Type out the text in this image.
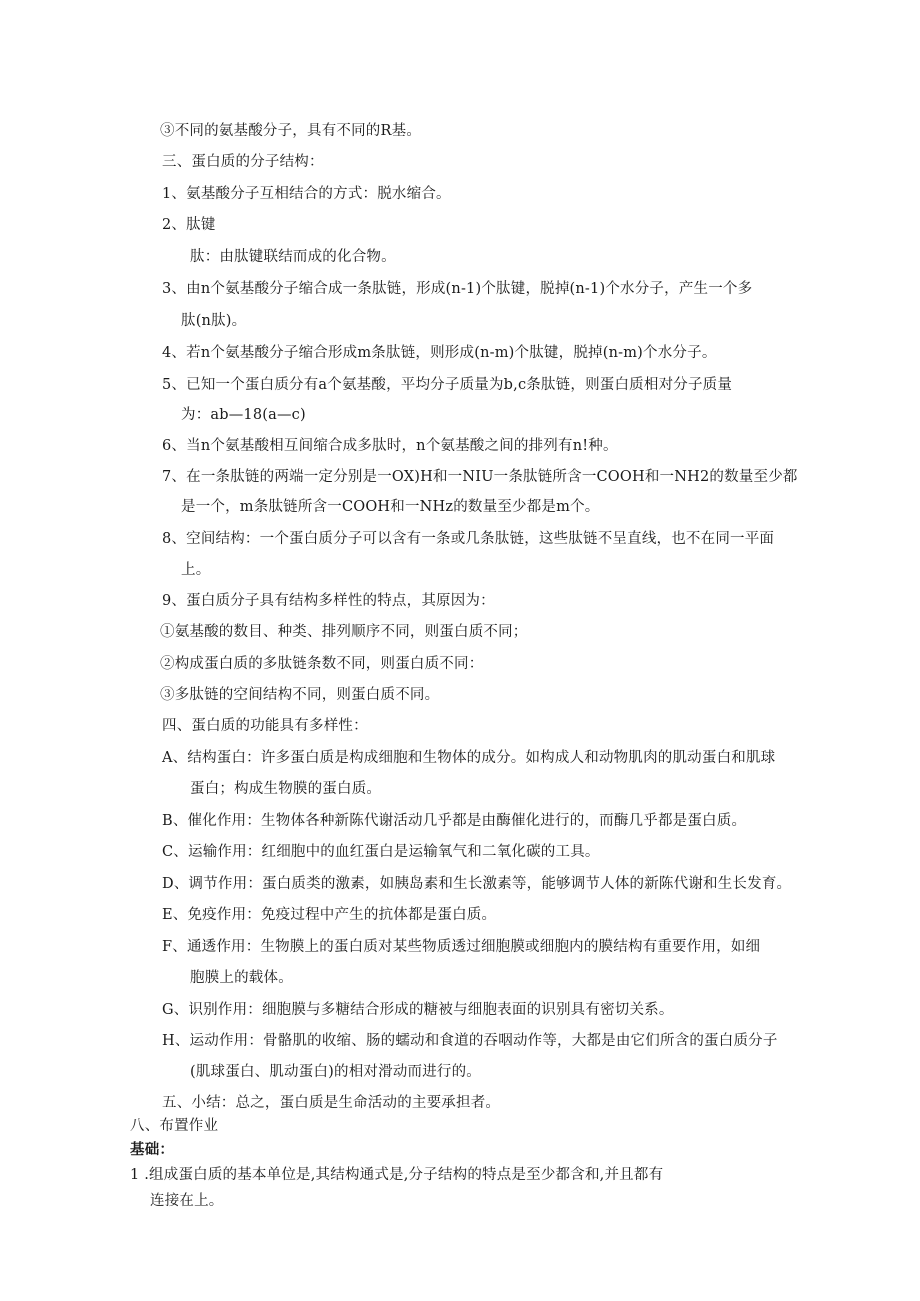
③不同的氨基酸分子，具有不同的R基。
三、蛋白质的分子结构：
1、氨基酸分子互相结合的方式：脱水缩合。
2、肽键
肽：由肽键联结而成的化合物。
3、由n个氨基酸分子缩合成一条肽链，形成(n-1)个肽键，脱掉(n-1)个水分子，产生一个多
肽(n肽)。
4、若n个氨基酸分子缩合形成m条肽链，则形成(n-m)个肽键，脱掉(n-m)个水分子。
5、已知一个蛋白质分有a个氨基酸，平均分子质量为b,c条肽链，则蛋白质相对分子质量
为：ab—18(a—c)
6、当n个氨基酸相互间缩合成多肽时，n个氨基酸之间的排列有n!种。
7、在一条肽链的两端一定分别是一OX)H和一NIU一条肽链所含一COOH和一NH2的数量至少都
是一个，m条肽链所含一COOH和一NHz的数量至少都是m个。
8、空间结构：一个蛋白质分子可以含有一条或几条肽链，这些肽链不呈直线，也不在同一平面
上。
9、蛋白质分子具有结构多样性的特点，其原因为：
①氨基酸的数目、种类、排列顺序不同，则蛋白质不同；
②构成蛋白质的多肽链条数不同，则蛋白质不同：
③多肽链的空间结构不同，则蛋白质不同。
四、蛋白质的功能具有多样性：
A、结构蛋白：许多蛋白质是构成细胞和生物体的成分。如构成人和动物肌肉的肌动蛋白和肌球
蛋白；构成生物膜的蛋白质。
B、催化作用：生物体各种新陈代谢活动几乎都是由酶催化进行的，而酶几乎都是蛋白质。
C、运输作用：红细胞中的血红蛋白是运输氧气和二氧化碳的工具。
D、调节作用：蛋白质类的激素，如胰岛素和生长激素等，能够调节人体的新陈代谢和生长发育。
E、免疫作用：免疫过程中产生的抗体都是蛋白质。
F、通透作用：生物膜上的蛋白质对某些物质透过细胞膜或细胞内的膜结构有重要作用，如细
胞膜上的载体。
G、识别作用：细胞膜与多糖结合形成的糖被与细胞表面的识别具有密切关系。
H、运动作用：骨骼肌的收缩、肠的蠕动和食道的吞咽动作等，大都是由它们所含的蛋白质分子
(肌球蛋白、肌动蛋白)的相对滑动而进行的。
五、小结：总之，蛋白质是生命活动的主要承担者。
八、布置作业
基础：
1 .组成蛋白质的基本单位是,其结构通式是,分子结构的特点是至少都含和,并且都有
连接在上。
